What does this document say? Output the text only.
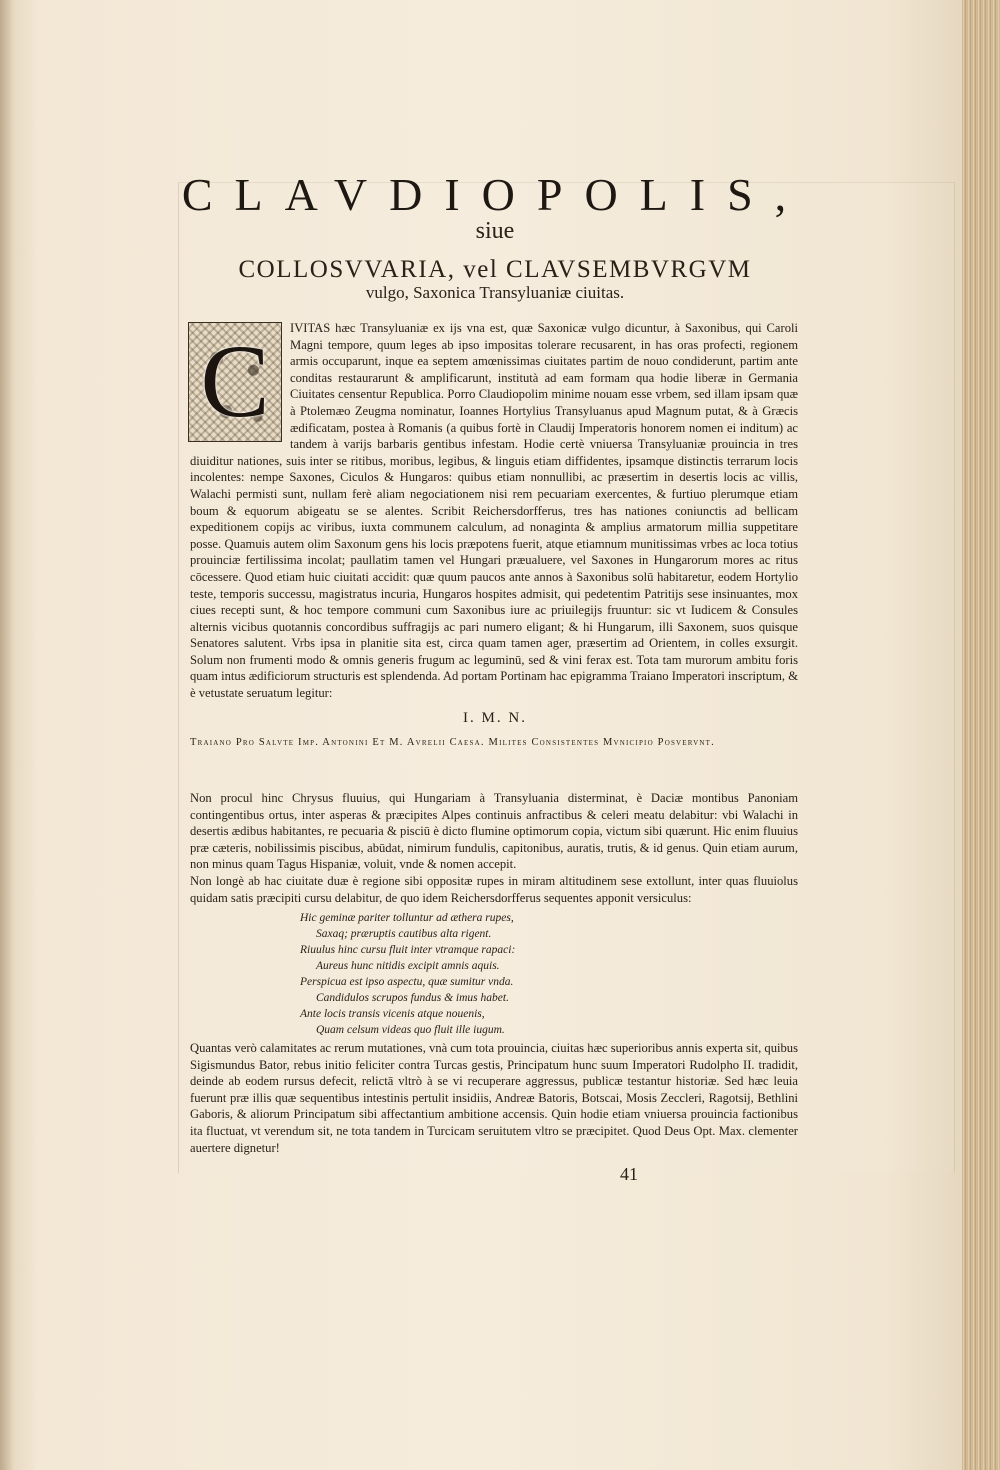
CLAVDIOPOLIS,
siue
COLLOSVVARIA, vel CLAVSEMBVRGVM
vulgo, Saxonica Transyluaniæ ciuitas.
C	IVITAS hæc Transyluaniæ ex ijs vna est, quæ Saxonicæ vulgo dicuntur, à Saxonibus, qui Caroli Magni tempore, quum leges ab ipso impositas tolerare recusarent, in has oras profecti, regionem armis occuparunt, inque ea septem amœnissimas ciuitates partim de nouo condiderunt, partim ante conditas restaurarunt & amplificarunt, institutà ad eam formam qua hodie liberæ in Germania Ciuitates censentur Republica. Porro Claudiopolim minime nouam esse vrbem, sed illam ipsam quæ à Ptolemæo Zeugma nominatur, Ioannes Hortylius Transyluanus apud Magnum putat, & à Græcis ædificatam, postea à Romanis (a quibus fortè in Claudij Imperatoris honorem nomen ei inditum) ac tandem à varijs barbaris gentibus infestam. Hodie certè vniuersa Transyluaniæ prouincia in tres diuiditur nationes, suis inter se ritibus, moribus, legibus, & linguis etiam diffidentes, ipsamque distinctis terrarum locis incolentes: nempe Saxones, Ciculos & Hungaros: quibus etiam nonnullibi, ac præsertim in desertis locis ac villis, Walachi permisti sunt, nullam ferè aliam negociationem nisi rem pecuariam exercentes, & furtiuo plerumque etiam boum & equorum abigeatu se se alentes. Scribit Reichersdorfferus, tres has nationes coniunctis ad bellicam expeditionem copijs ac viribus, iuxta communem calculum, ad nonaginta & amplius armatorum millia suppetitare posse. Quamuis autem olim Saxonum gens his locis præpotens fuerit, atque etiamnum munitissimas vrbes ac loca totius prouinciæ fertilissima incolat; paullatim tamen vel Hungari præualuere, vel Saxones in Hungarorum mores ac ritus cōcessere. Quod etiam huic ciuitati accidit: quæ quum paucos ante annos à Saxonibus solū habitaretur, eodem Hortylio teste, temporis successu, magistratus incuria, Hungaros hospites admisit, qui pedetentim Patritijs sese insinuantes, mox ciues recepti sunt, & hoc tempore communi cum Saxonibus iure ac priuilegijs fruuntur: sic vt Iudicem & Consules alternis vicibus quotannis concordibus suffragijs ac pari numero eligant; & hi Hungarum, illi Saxonem, suos quisque Senatores salutent. Vrbs ipsa in planitie sita est, circa quam tamen ager, præsertim ad Orientem, in colles exsurgit. Solum non frumenti modo & omnis generis frugum ac leguminū, sed & vini ferax est. Tota tam murorum ambitu foris quam intus ædificiorum structuris est splendenda. Ad portam Portinam hac epigramma Traiano Imperatori inscriptum, & è vetustate seruatum legitur:

I. M. N.
Traiano Pro Salvte Imp. Antonini Et M. Avrelii Caesa. Milites Consistentes Mvnicipio Posvervnt.

Non procul hinc Chrysus fluuius, qui Hungariam à Transyluania disterminat, è Daciæ montibus Panoniam contingentibus ortus, inter asperas & præcipites Alpes continuis anfractibus & celeri meatu delabitur: vbi Walachi in desertis ædibus habitantes, re pecuaria & pisciū è dicto flumine optimorum copia, victum sibi quærunt. Hic enim fluuius præ cæteris, nobilissimis piscibus, abūdat, nimirum fundulis, capitonibus, auratis, trutis, & id genus. Quin etiam aurum, non minus quam Tagus Hispaniæ, voluit, vnde & nomen accepit.

Non longè ab hac ciuitate duæ è regione sibi oppositæ rupes in miram altitudinem sese extollunt, inter quas fluuiolus quidam satis præcipiti cursu delabitur, de quo idem Reichersdorfferus sequentes apponit versiculus:

Hic geminæ pariter tolluntur ad æthera rupes,

Saxaq; præruptis cautibus alta rigent.

Riuulus hinc cursu fluit inter vtramque rapaci:

Aureus hunc nitidis excipit amnis aquis.

Perspicua est ipso aspectu, quæ sumitur vnda.

Candidulos scrupos fundus & imus habet.

Ante locis transis vicenis atque nouenis,

Quam celsum videas quo fluit ille iugum.

Quantas verò calamitates ac rerum mutationes, vnà cum tota prouincia, ciuitas hæc superioribus annis experta sit, quibus Sigismundus Bator, rebus initio feliciter contra Turcas gestis, Principatum hunc suum Imperatori Rudolpho II. tradidit, deinde ab eodem rursus defecit, relictā vltrò à se vi recuperare aggressus, publicæ testantur historiæ. Sed hæc leuia fuerunt præ illis quæ sequentibus intestinis pertulit insidiis, Andreæ Batoris, Botscai, Mosis Zeccleri, Ragotsij, Bethlini Gaboris, & aliorum Principatum sibi affectantium ambitione accensis. Quin hodie etiam vniuersa prouincia factionibus ita fluctuat, vt verendum sit, ne tota tandem in Turcicam seruitutem vltro se præcipitet. Quod Deus Opt. Max. clementer auertere dignetur!

41
